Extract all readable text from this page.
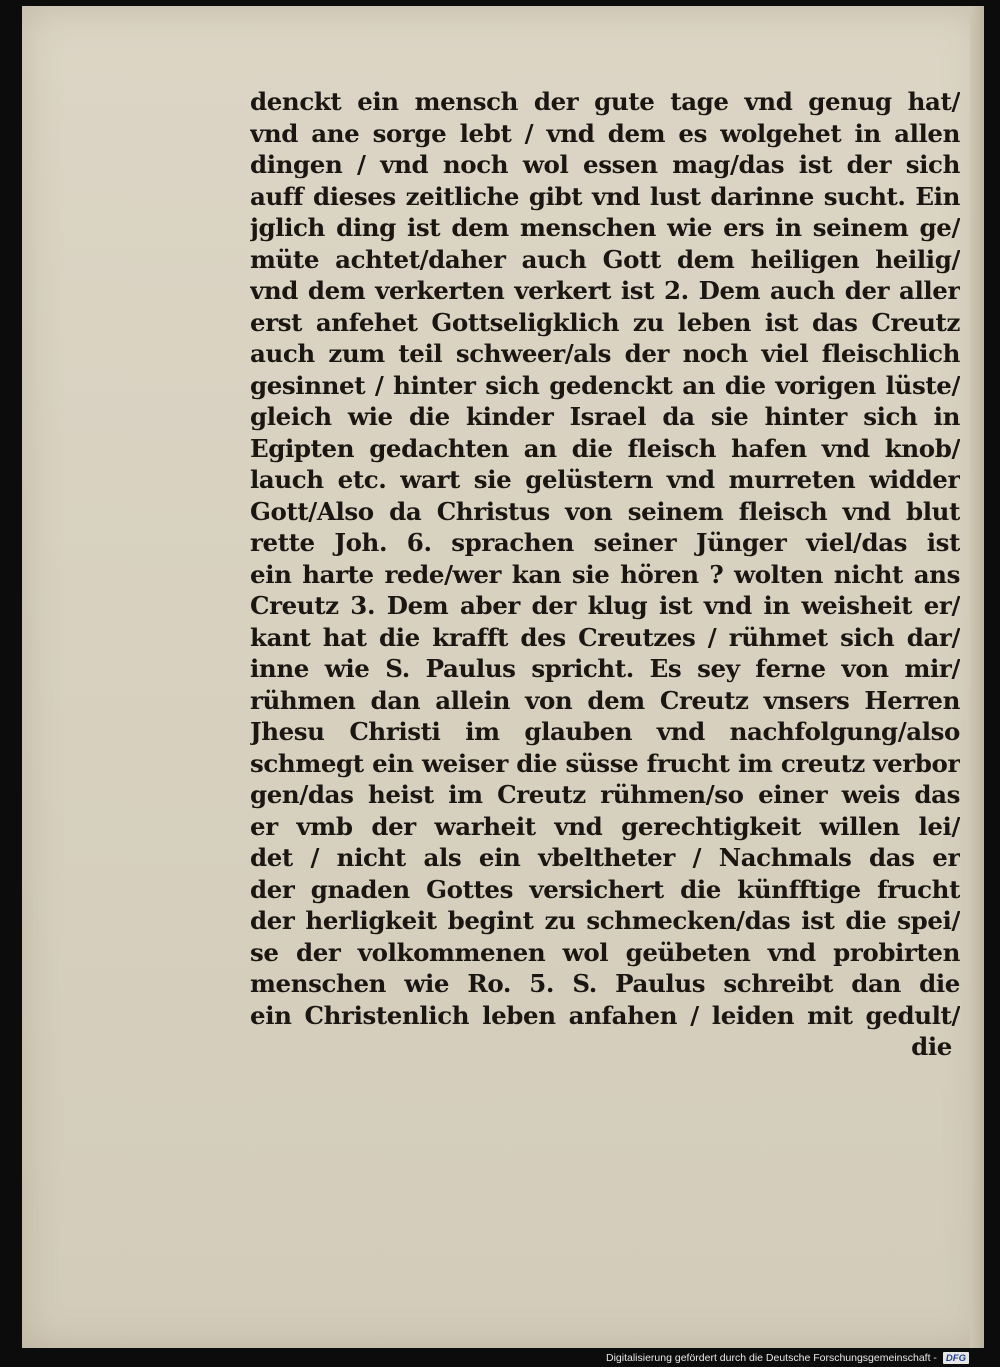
denckt ein mensch der gute tage vnd genug hat/
vnd ane sorge lebt / vnd dem es wolgehet in allen
dingen / vnd noch wol essen mag/das ist der sich
auff dieses zeitliche gibt vnd lust darinne sucht. Ein
jglich ding ist dem menschen wie ers in seinem ge/
müte achtet/daher auch Gott dem heiligen heilig/
vnd dem verkerten verkert ist 2. Dem auch der aller
erst anfehet Gottseligklich zu leben ist das Creutz
auch zum teil schweer/als der noch viel fleischlich
gesinnet / hinter sich gedenckt an die vorigen lüste/
gleich wie die kinder Israel da sie hinter sich in
Egipten gedachten an die fleisch hafen vnd knob/
lauch etc. wart sie gelüstern vnd murreten widder
Gott/Also da Christus von seinem fleisch vnd blut
rette Joh. 6. sprachen seiner Jünger viel/das ist
ein harte rede/wer kan sie hören ? wolten nicht ans
Creutz 3. Dem aber der klug ist vnd in weisheit er/
kant hat die krafft des Creutzes / rühmet sich dar/
inne wie S. Paulus spricht. Es sey ferne von mir/
rühmen dan allein von dem Creutz vnsers Herren
Jhesu Christi im glauben vnd nachfolgung/also
schmegt ein weiser die süsse frucht im creutz verbor
gen/das heist im Creutz rühmen/so einer weis das
er vmb der warheit vnd gerechtigkeit willen lei/
det / nicht als ein vbeltheter / Nachmals das er
der gnaden Gottes versichert die künfftige frucht
der herligkeit begint zu schmecken/das ist die spei/
se der volkommenen wol geübeten vnd probirten
menschen wie Ro. 5. S. Paulus schreibt dan die
ein Christenlich leben anfahen / leiden mit gedult/
die
Digitalisierung gefördert durch die Deutsche Forschungsgemeinschaft - DFG
